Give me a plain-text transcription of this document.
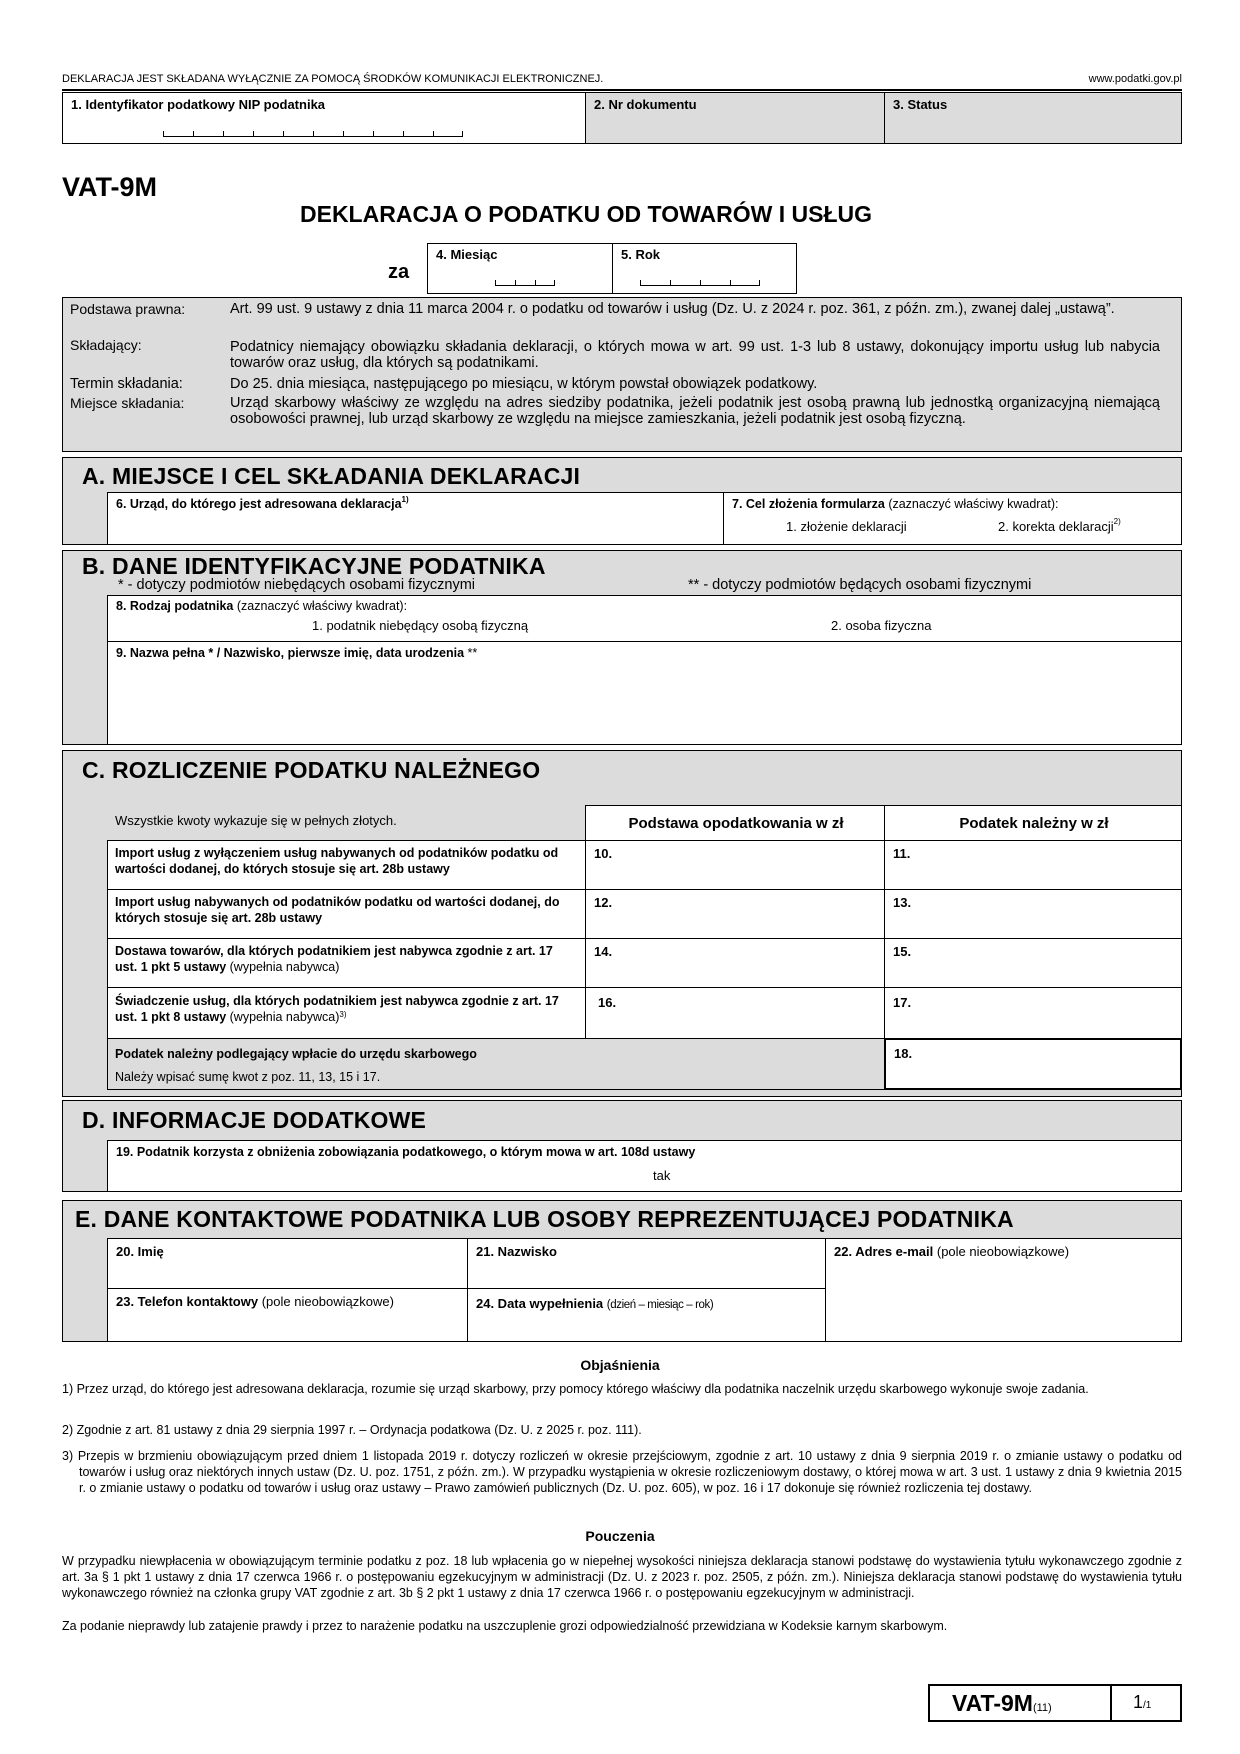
DEKLARACJA JEST SKŁADANA WYŁĄCZNIE ZA POMOCĄ ŚRODKÓW KOMUNIKACJI ELEKTRONICZNEJ.	www.podatki.gov.pl
1. Identyfikator podatkowy NIP podatnika	2. Nr dokumentu	3. Status
VAT-9M
DEKLARACJA O PODATKU OD TOWARÓW I USŁUG
za
4. Miesiąc	5. Rok
Podstawa prawna:	Art. 99 ust. 9 ustawy z dnia 11 marca 2004 r. o podatku od towarów i usług (Dz. U. z 2024 r. poz. 361, z późn. zm.), zwanej dalej „ustawą”.
Składający:	Podatnicy niemający obowiązku składania deklaracji, o których mowa w art. 99 ust. 1-3 lub 8 ustawy, dokonujący importu usług lub nabycia towarów oraz usług, dla których są podatnikami.
Termin składania:	Do 25. dnia miesiąca, następującego po miesiącu, w którym powstał obowiązek podatkowy.
Miejsce składania:	Urząd skarbowy właściwy ze względu na adres siedziby podatnika, jeżeli podatnik jest osobą prawną lub jednostką organizacyjną niemającą osobowości prawnej, lub urząd skarbowy ze względu na miejsce zamieszkania, jeżeli podatnik jest osobą fizyczną.
A. MIEJSCE I CEL SKŁADANIA DEKLARACJI
6. Urząd, do którego jest adresowana deklaracja$^{1)}$	7. Cel złożenia formularza (zaznaczyć właściwy kwadrat):
1. złożenie deklaracji	2. korekta deklaracji$^{2)}$
B. DANE IDENTYFIKACYJNE PODATNIKA
* - dotyczy podmiotów niebędących osobami fizycznymi	** - dotyczy podmiotów będących osobami fizycznymi
8. Rodzaj podatnika (zaznaczyć właściwy kwadrat):
1. podatnik niebędący osobą fizyczną	2. osoba fizyczna
9. Nazwa pełna * / Nazwisko, pierwsze imię, data urodzenia **
C. ROZLICZENIE PODATKU NALEŻNEGO
Wszystkie kwoty wykazuje się w pełnych złotych.	Podstawa opodatkowania w zł	Podatek należny w zł
Import usług z wyłączeniem usług nabywanych od podatników podatku od wartości dodanej, do których stosuje się art. 28b ustawy
10.	11.
Import usług nabywanych od podatników podatku od wartości dodanej, do których stosuje się art. 28b ustawy
12.	13.
Dostawa towarów, dla których podatnikiem jest nabywca zgodnie z art. 17 ust. 1 pkt 5 ustawy (wypełnia nabywca)
14.	15.
Świadczenie usług, dla których podatnikiem jest nabywca zgodnie z art. 17 ust. 1 pkt 8 ustawy (wypełnia nabywca)$^{3)}$
16.	17.
Podatek należny podlegający wpłacie do urzędu skarbowego
Należy wpisać sumę kwot z poz. 11, 13, 15 i 17.
18.
D. INFORMACJE DODATKOWE
19. Podatnik korzysta z obniżenia zobowiązania podatkowego, o którym mowa w art. 108d ustawy
tak
E. DANE KONTAKTOWE PODATNIKA LUB OSOBY REPREZENTUJĄCEJ PODATNIKA
20. Imię	21. Nazwisko	22. Adres e-mail (pole nieobowiązkowe)
23. Telefon kontaktowy (pole nieobowiązkowe)	24. Data wypełnienia (dzień – miesiąc – rok)
Objaśnienia
1) Przez urząd, do którego jest adresowana deklaracja, rozumie się urząd skarbowy, przy pomocy którego właściwy dla podatnika naczelnik urzędu skarbowego wykonuje swoje zadania.
2) Zgodnie z art. 81 ustawy z dnia 29 sierpnia 1997 r. – Ordynacja podatkowa (Dz. U. z 2025 r. poz. 111).
3) Przepis w brzmieniu obowiązującym przed dniem 1 listopada 2019 r. dotyczy rozliczeń w okresie przejściowym, zgodnie z art. 10 ustawy z dnia 9 sierpnia 2019 r. o zmianie ustawy o podatku od towarów i usług oraz niektórych innych ustaw (Dz. U. poz. 1751, z późn. zm.). W przypadku wystąpienia w okresie rozliczeniowym dostawy, o której mowa w art. 3 ust. 1 ustawy z dnia 9 kwietnia 2015 r. o zmianie ustawy o podatku od towarów i usług oraz ustawy – Prawo zamówień publicznych (Dz. U. poz. 605), w poz. 16 i 17 dokonuje się również rozliczenia tej dostawy.
Pouczenia
W przypadku niewpłacenia w obowiązującym terminie podatku z poz. 18 lub wpłacenia go w niepełnej wysokości niniejsza deklaracja stanowi podstawę do wystawienia tytułu wykonawczego zgodnie z art. 3a § 1 pkt 1 ustawy z dnia 17 czerwca 1966 r. o postępowaniu egzekucyjnym w administracji (Dz. U. z 2023 r. poz. 2505, z późn. zm.). Niniejsza deklaracja stanowi podstawę do wystawienia tytułu wykonawczego również na członka grupy VAT zgodnie z art. 3b § 2 pkt 1 ustawy z dnia 17 czerwca 1966 r. o postępowaniu egzekucyjnym w administracji.
Za podanie nieprawdy lub zatajenie prawdy i przez to narażenie podatku na uszczuplenie grozi odpowiedzialność przewidziana w Kodeksie karnym skarbowym.
VAT-9M(11)	1/1
